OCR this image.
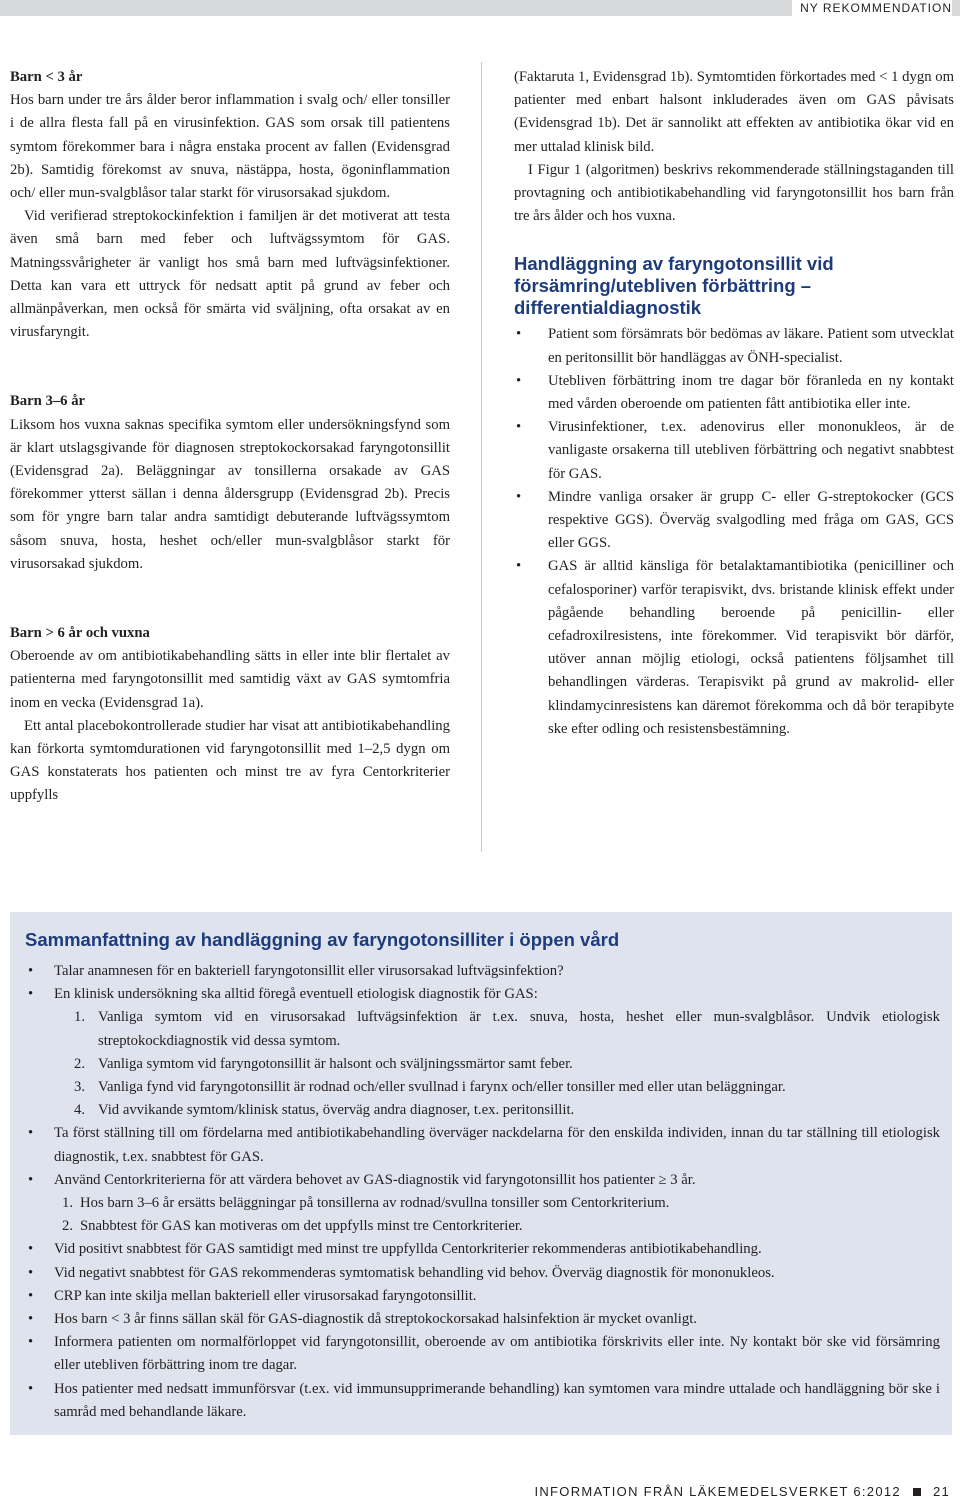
NY REKOMMENDATION
Barn < 3 år

Hos barn under tre års ålder beror inflammation i svalg och/ eller tonsiller i de allra flesta fall på en virusinfektion. GAS som orsak till patientens symtom förekommer bara i några enstaka procent av fallen (Evidensgrad 2b). Samtidig förekomst av snuva, nästäppa, hosta, ögoninflammation och/ eller mun-svalgblåsor talar starkt för virusorsakad sjukdom.

Vid verifierad streptokockinfektion i familjen är det motiverat att testa även små barn med feber och luftvägssymtom för GAS. Matningssvårigheter är vanligt hos små barn med luftvägsinfektioner. Detta kan vara ett uttryck för nedsatt aptit på grund av feber och allmänpåverkan, men också för smärta vid sväljning, ofta orsakat av en virusfaryngit.

Barn 3–6 år

Liksom hos vuxna saknas specifika symtom eller undersökningsfynd som är klart utslagsgivande för diagnosen streptokockorsakad faryngotonsillit (Evidensgrad 2a). Beläggningar av tonsillerna orsakade av GAS förekommer ytterst sällan i denna åldersgrupp (Evidensgrad 2b). Precis som för yngre barn talar andra samtidigt debuterande luftvägssymtom såsom snuva, hosta, heshet och/eller mun-svalgblåsor starkt för virusorsakad sjukdom.

Barn > 6 år och vuxna

Oberoende av om antibiotikabehandling sätts in eller inte blir flertalet av patienterna med faryngotonsillit med samtidig växt av GAS symtomfria inom en vecka (Evidensgrad 1a).

Ett antal placebokontrollerade studier har visat att antibiotikabehandling kan förkorta symtomdurationen vid faryngotonsillit med 1–2,5 dygn om GAS konstaterats hos patienten och minst tre av fyra Centorkriterier uppfylls

(Faktaruta 1, Evidensgrad 1b). Symtomtiden förkortades med < 1 dygn om patienter med enbart halsont inkluderades även om GAS påvisats (Evidensgrad 1b). Det är sannolikt att effekten av antibiotika ökar vid en mer uttalad klinisk bild.

I Figur 1 (algoritmen) beskrivs rekommenderade ställningstaganden till provtagning och antibiotikabehandling vid faryngotonsillit hos barn från tre års ålder och hos vuxna.

Handläggning av faryngotonsillit vid försämring/utebliven förbättring – differentialdiagnostik
• Patient som försämrats bör bedömas av läkare. Patient som utvecklat en peritonsillit bör handläggas av ÖNH-specialist.
• Utebliven förbättring inom tre dagar bör föranleda en ny kontakt med vården oberoende om patienten fått antibiotika eller inte.
• Virusinfektioner, t.ex. adenovirus eller mononukleos, är de vanligaste orsakerna till utebliven förbättring och negativt snabbtest för GAS.
• Mindre vanliga orsaker är grupp C- eller G-streptokocker (GCS respektive GGS). Överväg svalgodling med fråga om GAS, GCS eller GGS.
• GAS är alltid känsliga för betalaktamantibiotika (penicilliner och cefalosporiner) varför terapisvikt, dvs. bristande klinisk effekt under pågående behandling beroende på penicillin- eller cefadroxilresistens, inte förekommer. Vid terapisvikt bör därför, utöver annan möjlig etiologi, också patientens följsamhet till behandlingen värderas. Terapisvikt på grund av makrolid- eller klindamycinresistens kan däremot förekomma och då bör terapibyte ske efter odling och resistensbestämning.
Sammanfattning av handläggning av faryngotonsilliter i öppen vård
• Talar anamnesen för en bakteriell faryngotonsillit eller virusorsakad luftvägsinfektion?
• En klinisk undersökning ska alltid föregå eventuell etiologisk diagnostik för GAS:
1. Vanliga symtom vid en virusorsakad luftvägsinfektion är t.ex. snuva, hosta, heshet eller mun-svalgblåsor. Undvik etiologisk streptokockdiagnostik vid dessa symtom.
2. Vanliga symtom vid faryngotonsillit är halsont och sväljningssmärtor samt feber.
3. Vanliga fynd vid faryngotonsillit är rodnad och/eller svullnad i farynx och/eller tonsiller med eller utan beläggningar.
4. Vid avvikande symtom/klinisk status, överväg andra diagnoser, t.ex. peritonsillit.
• Ta först ställning till om fördelarna med antibiotikabehandling överväger nackdelarna för den enskilda individen, innan du tar ställning till etiologisk diagnostik, t.ex. snabbtest för GAS.
• Använd Centorkriterierna för att värdera behovet av GAS-diagnostik vid faryngotonsillit hos patienter ≥ 3 år.
1. Hos barn 3–6 år ersätts beläggningar på tonsillerna av rodnad/svullna tonsiller som Centorkriterium.
2. Snabbtest för GAS kan motiveras om det uppfylls minst tre Centorkriterier.
• Vid positivt snabbtest för GAS samtidigt med minst tre uppfyllda Centorkriterier rekommenderas antibiotikabehandling.
• Vid negativt snabbtest för GAS rekommenderas symtomatisk behandling vid behov. Överväg diagnostik för mononukleos.
• CRP kan inte skilja mellan bakteriell eller virusorsakad faryngotonsillit.
• Hos barn < 3 år finns sällan skäl för GAS-diagnostik då streptokockorsakad halsinfektion är mycket ovanligt.
• Informera patienten om normalförloppet vid faryngotonsillit, oberoende av om antibiotika förskrivits eller inte. Ny kontakt bör ske vid försämring eller utebliven förbättring inom tre dagar.
• Hos patienter med nedsatt immunförsvar (t.ex. vid immunsupprimerande behandling) kan symtomen vara mindre uttalade och handläggning bör ske i samråd med behandlande läkare.
INFORMATION FRÅN LÄKEMEDELSVERKET 6:2012 21
